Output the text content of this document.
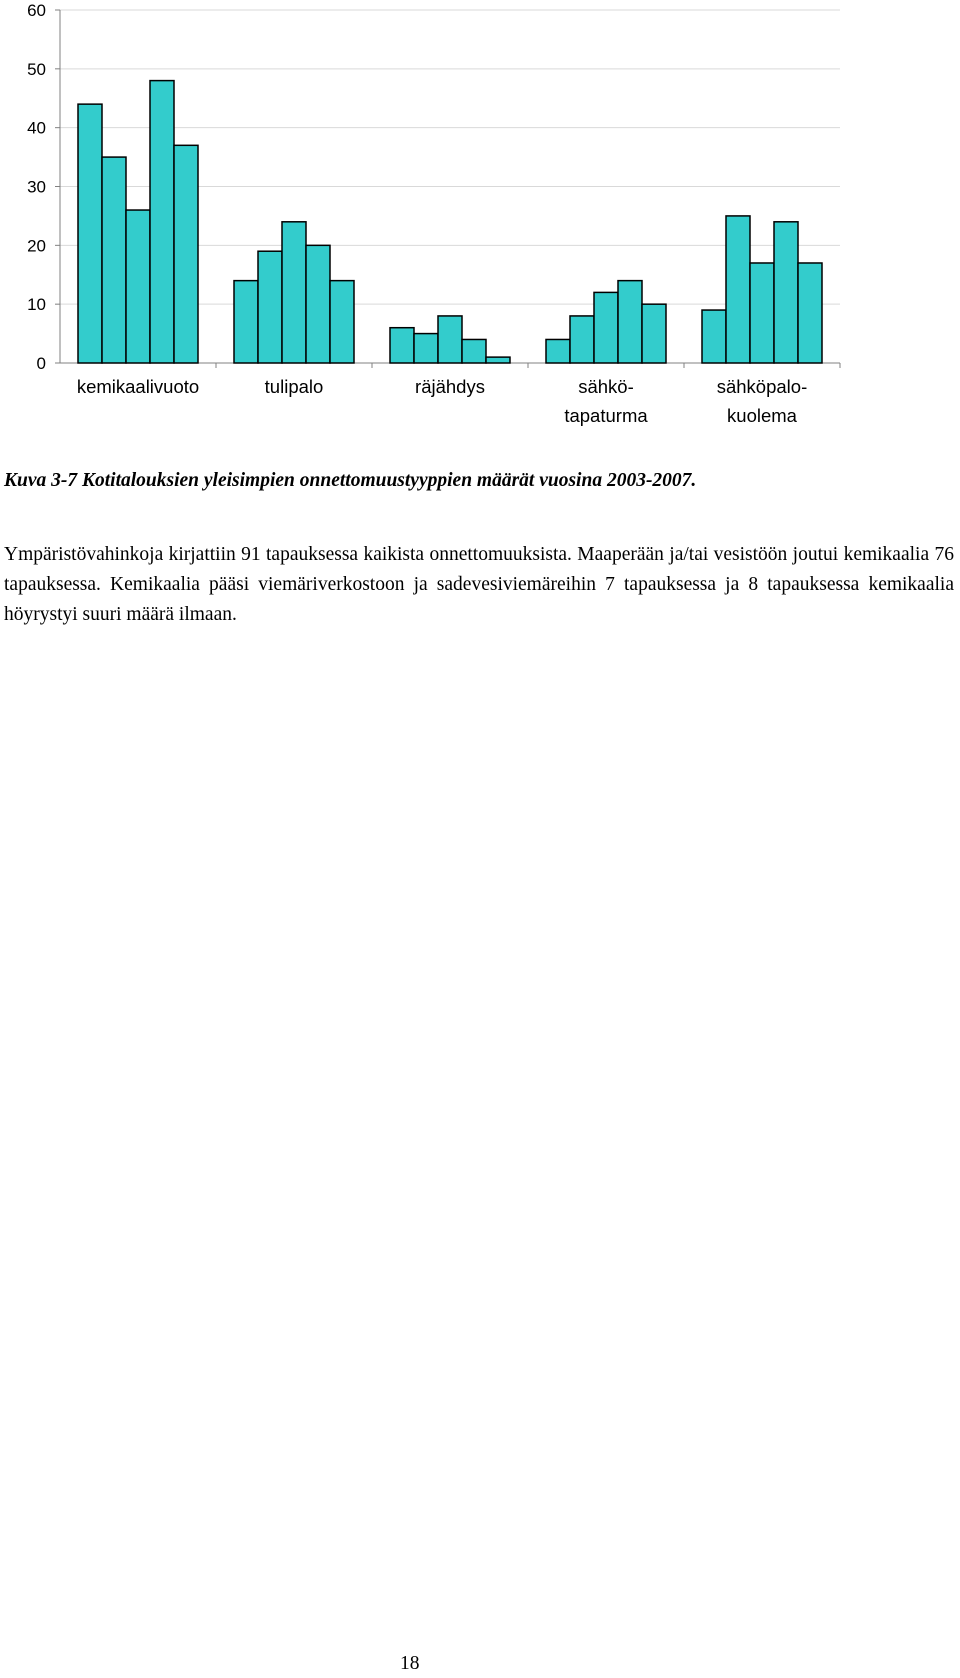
0
10
20
30
40
50
60
kemikaalivuoto	tulipalo	räjähdys	sähkö-
tapaturma
sähköpalo-
kuolema
Kuva 3-7 Kotitalouksien yleisimpien onnettomuustyyppien määrät vuosina 2003-2007.

Ympäristövahinkoja kirjattiin 91 tapauksessa kaikista onnettomuuksista. Maaperään ja/tai vesistöön joutui kemikaalia 76 tapauksessa. Kemikaalia pääsi viemäriverkostoon ja sadevesiviemäreihin 7 tapauksessa ja 8 tapauksessa kemikaalia höyrystyi suuri määrä ilmaan.

18
